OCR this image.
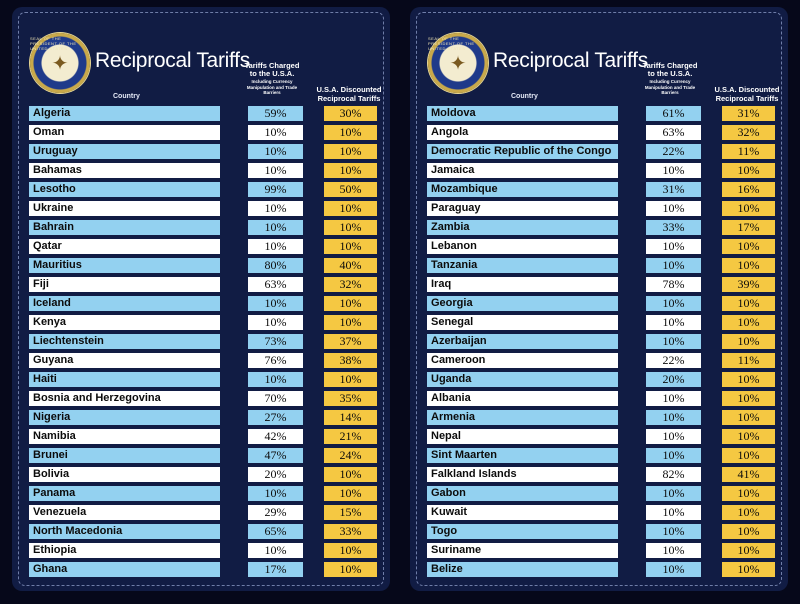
SEAL OF THE PRESIDENT OF THE UNITED STATES
✦	Reciprocal Tariffs
Tariffs Charged to the U.S.A.
Including Currency Manipulation and Trade Barriers	U.S.A. Discounted Reciprocal Tariffs
Country
Algeria	59%	30%
Oman	10%	10%
Uruguay	10%	10%
Bahamas	10%	10%
Lesotho	99%	50%
Ukraine	10%	10%
Bahrain	10%	10%
Qatar	10%	10%
Mauritius	80%	40%
Fiji	63%	32%
Iceland	10%	10%
Kenya	10%	10%
Liechtenstein	73%	37%
Guyana	76%	38%
Haiti	10%	10%
Bosnia and Herzegovina	70%	35%
Nigeria	27%	14%
Namibia	42%	21%
Brunei	47%	24%
Bolivia	20%	10%
Panama	10%	10%
Venezuela	29%	15%
North Macedonia	65%	33%
Ethiopia	10%	10%
Ghana	17%	10%
SEAL OF THE PRESIDENT OF THE UNITED STATES
✦	Reciprocal Tariffs
Tariffs Charged to the U.S.A.
Including Currency Manipulation and Trade Barriers	U.S.A. Discounted Reciprocal Tariffs
Country
Moldova	61%	31%
Angola	63%	32%
Democratic Republic of the Congo	22%	11%
Jamaica	10%	10%
Mozambique	31%	16%
Paraguay	10%	10%
Zambia	33%	17%
Lebanon	10%	10%
Tanzania	10%	10%
Iraq	78%	39%
Georgia	10%	10%
Senegal	10%	10%
Azerbaijan	10%	10%
Cameroon	22%	11%
Uganda	20%	10%
Albania	10%	10%
Armenia	10%	10%
Nepal	10%	10%
Sint Maarten	10%	10%
Falkland Islands	82%	41%
Gabon	10%	10%
Kuwait	10%	10%
Togo	10%	10%
Suriname	10%	10%
Belize	10%	10%
